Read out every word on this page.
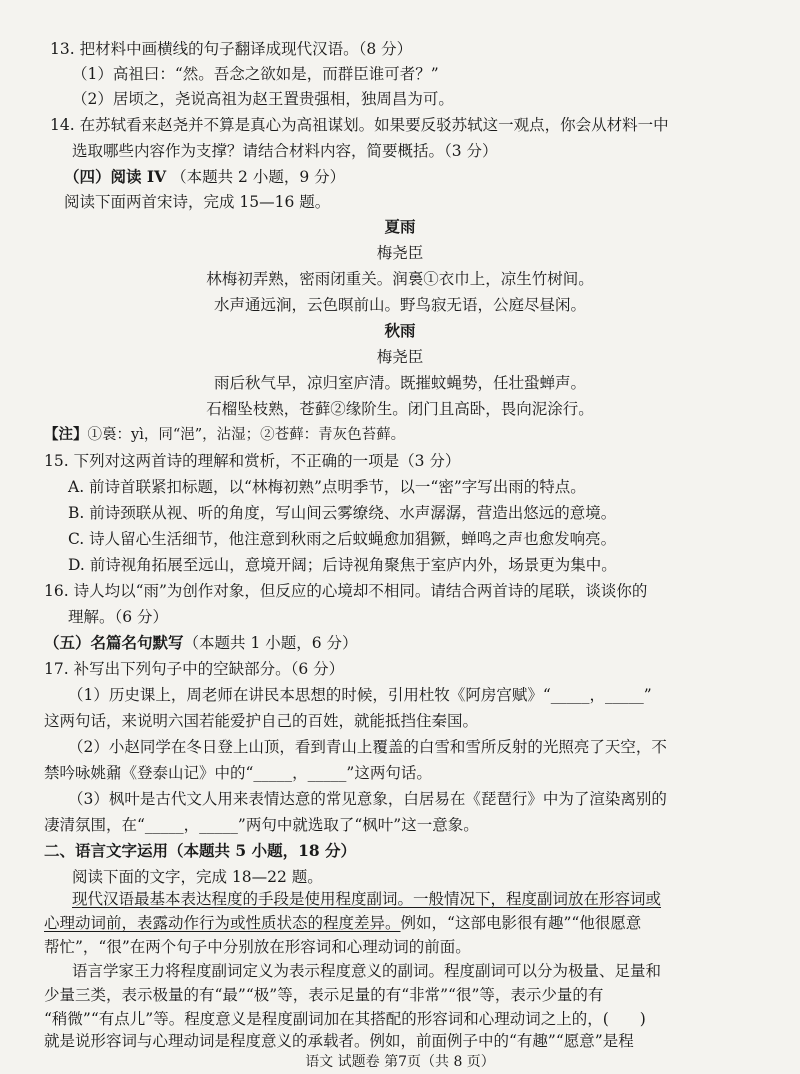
13. 把材料中画横线的句子翻译成现代汉语。（8 分）
（1）高祖曰：“然。吾念之欲如是，而群臣谁可者？”
（2）居顷之，尧说高祖为赵王置贵强相，独周昌为可。
14. 在苏轼看来赵尧并不算是真心为高祖谋划。如果要反驳苏轼这一观点，你会从材料一中
选取哪些内容作为支撑？请结合材料内容，简要概括。（3 分）
（四）阅读 IV （本题共 2 小题，9 分）
阅读下面两首宋诗，完成 15—16 题。
夏雨
梅尧臣
林梅初弄熟，密雨闭重关。润裛①衣巾上，凉生竹树间。
水声通远涧，云色暝前山。野鸟寂无语，公庭尽昼闲。
秋雨
梅尧臣
雨后秋气早，凉归室庐清。既摧蚊蝇势，任壮蛩蝉声。
石榴坠枝熟，苍藓②缘阶生。闭门且高卧，畏向泥涂行。
【注】①裛：yì，同“浥”，沾湿；②苍藓：青灰色苔藓。
15. 下列对这两首诗的理解和赏析，不正确的一项是（3 分）
A. 前诗首联紧扣标题，以“林梅初熟”点明季节，以一“密”字写出雨的特点。
B. 前诗颈联从视、听的角度，写山间云雾缭绕、水声潺潺，营造出悠远的意境。
C. 诗人留心生活细节，他注意到秋雨之后蚊蝇愈加猖獗，蝉鸣之声也愈发响亮。
D. 前诗视角拓展至远山，意境开阔；后诗视角聚焦于室庐内外，场景更为集中。
16. 诗人均以“雨”为创作对象，但反应的心境却不相同。请结合两首诗的尾联，谈谈你的
理解。（6 分）
（五）名篇名句默写（本题共 1 小题，6 分）
17. 补写出下列句子中的空缺部分。（6 分）
（1）历史课上，周老师在讲民本思想的时候，引用杜牧《阿房宫赋》“_____，_____”
这两句话，来说明六国若能爱护自己的百姓，就能抵挡住秦国。
（2）小赵同学在冬日登上山顶，看到青山上覆盖的白雪和雪所反射的光照亮了天空，不
禁吟咏姚鼐《登泰山记》中的“_____，_____”这两句话。
（3）枫叶是古代文人用来表情达意的常见意象，白居易在《琵琶行》中为了渲染离别的
凄清氛围，在“_____，_____”两句中就选取了“枫叶”这一意象。
二、语言文字运用（本题共 5 小题，18 分）
阅读下面的文字，完成 18—22 题。
现代汉语最基本表达程度的手段是使用程度副词。一般情况下，程度副词放在形容词或
心理动词前，表露动作行为或性质状态的程度差异。例如，“这部电影很有趣”“他很愿意
帮忙”，“很”在两个句子中分别放在形容词和心理动词的前面。
语言学家王力将程度副词定义为表示程度意义的副词。程度副词可以分为极量、足量和
少量三类，表示极量的有“最”“极”等，表示足量的有“非常”“很”等，表示少量的有
“稍微”“有点儿”等。程度意义是程度副词加在其搭配的形容词和心理动词之上的，(　　)
就是说形容词与心理动词是程度意义的承载者。例如，前面例子中的“有趣”“愿意”是程
语文 试题卷 第7页（共 8 页）
